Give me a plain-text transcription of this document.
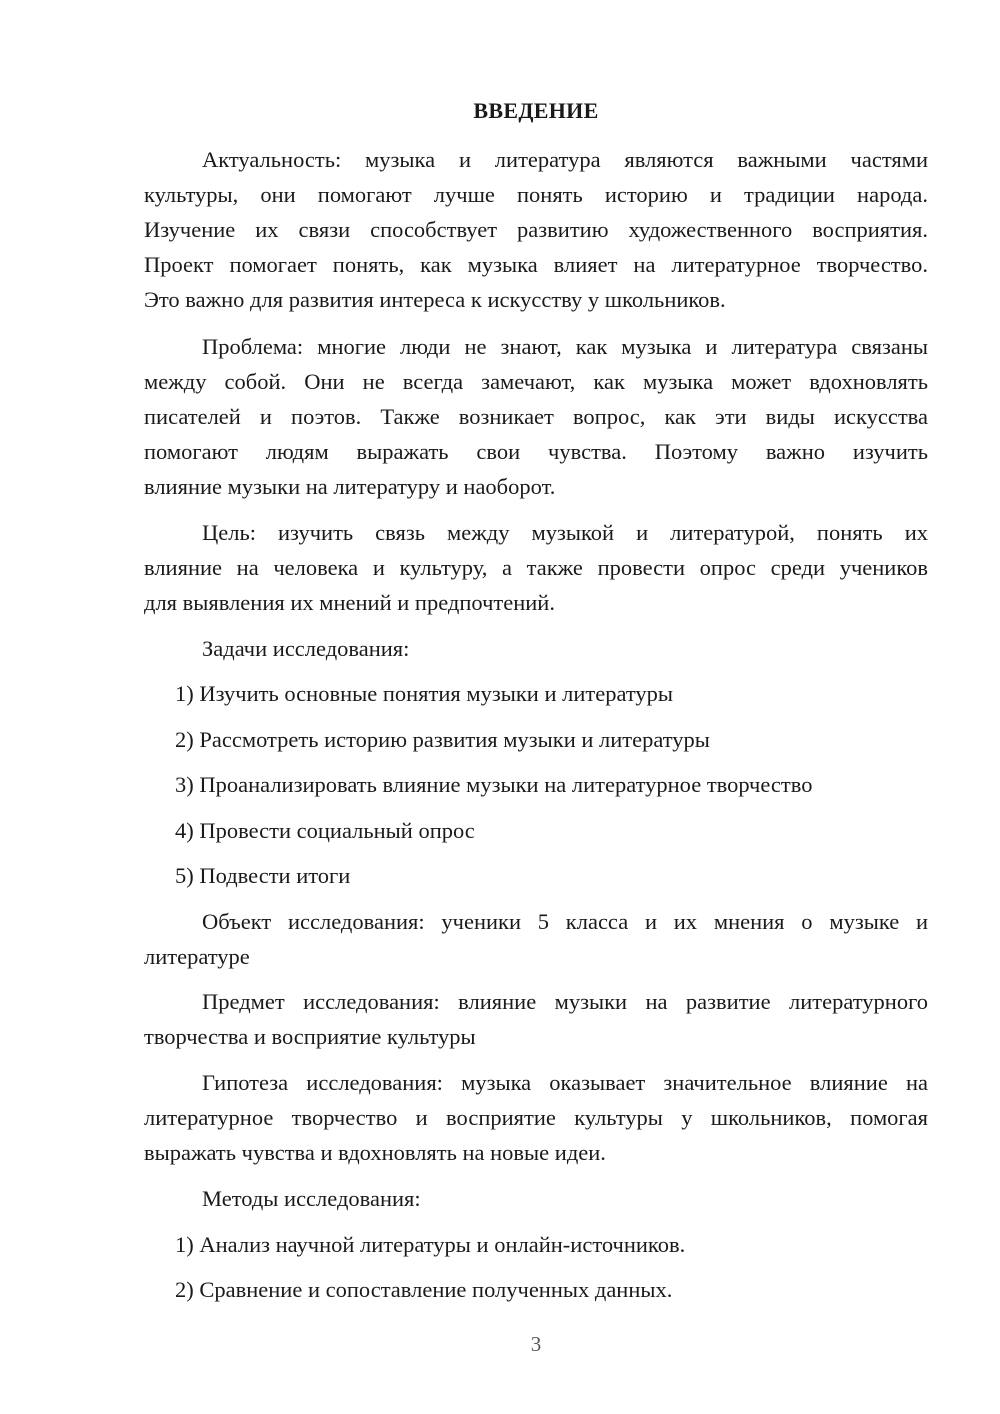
ВВЕДЕНИЕ
Актуальность: музыка и литература являются важными частями
культуры, они помогают лучше понять историю и традиции народа.
Изучение их связи способствует развитию художественного восприятия.
Проект помогает понять, как музыка влияет на литературное творчество.
Это важно для развития интереса к искусству у школьников.
Проблема: многие люди не знают, как музыка и литература связаны
между собой. Они не всегда замечают, как музыка может вдохновлять
писателей и поэтов. Также возникает вопрос, как эти виды искусства
помогают людям выражать свои чувства. Поэтому важно изучить
влияние музыки на литературу и наоборот.
Цель: изучить связь между музыкой и литературой, понять их
влияние на человека и культуру, а также провести опрос среди учеников
для выявления их мнений и предпочтений.
Задачи исследования:
1) Изучить основные понятия музыки и литературы
2) Рассмотреть историю развития музыки и литературы
3) Проанализировать влияние музыки на литературное творчество
4) Провести социальный опрос
5) Подвести итоги
Объект исследования: ученики 5 класса и их мнения о музыке и
литературе
Предмет исследования: влияние музыки на развитие литературного
творчества и восприятие культуры
Гипотеза исследования: музыка оказывает значительное влияние на
литературное творчество и восприятие культуры у школьников, помогая
выражать чувства и вдохновлять на новые идеи.
Методы исследования:
1) Анализ научной литературы и онлайн-источников.
2) Сравнение и сопоставление полученных данных.
3
